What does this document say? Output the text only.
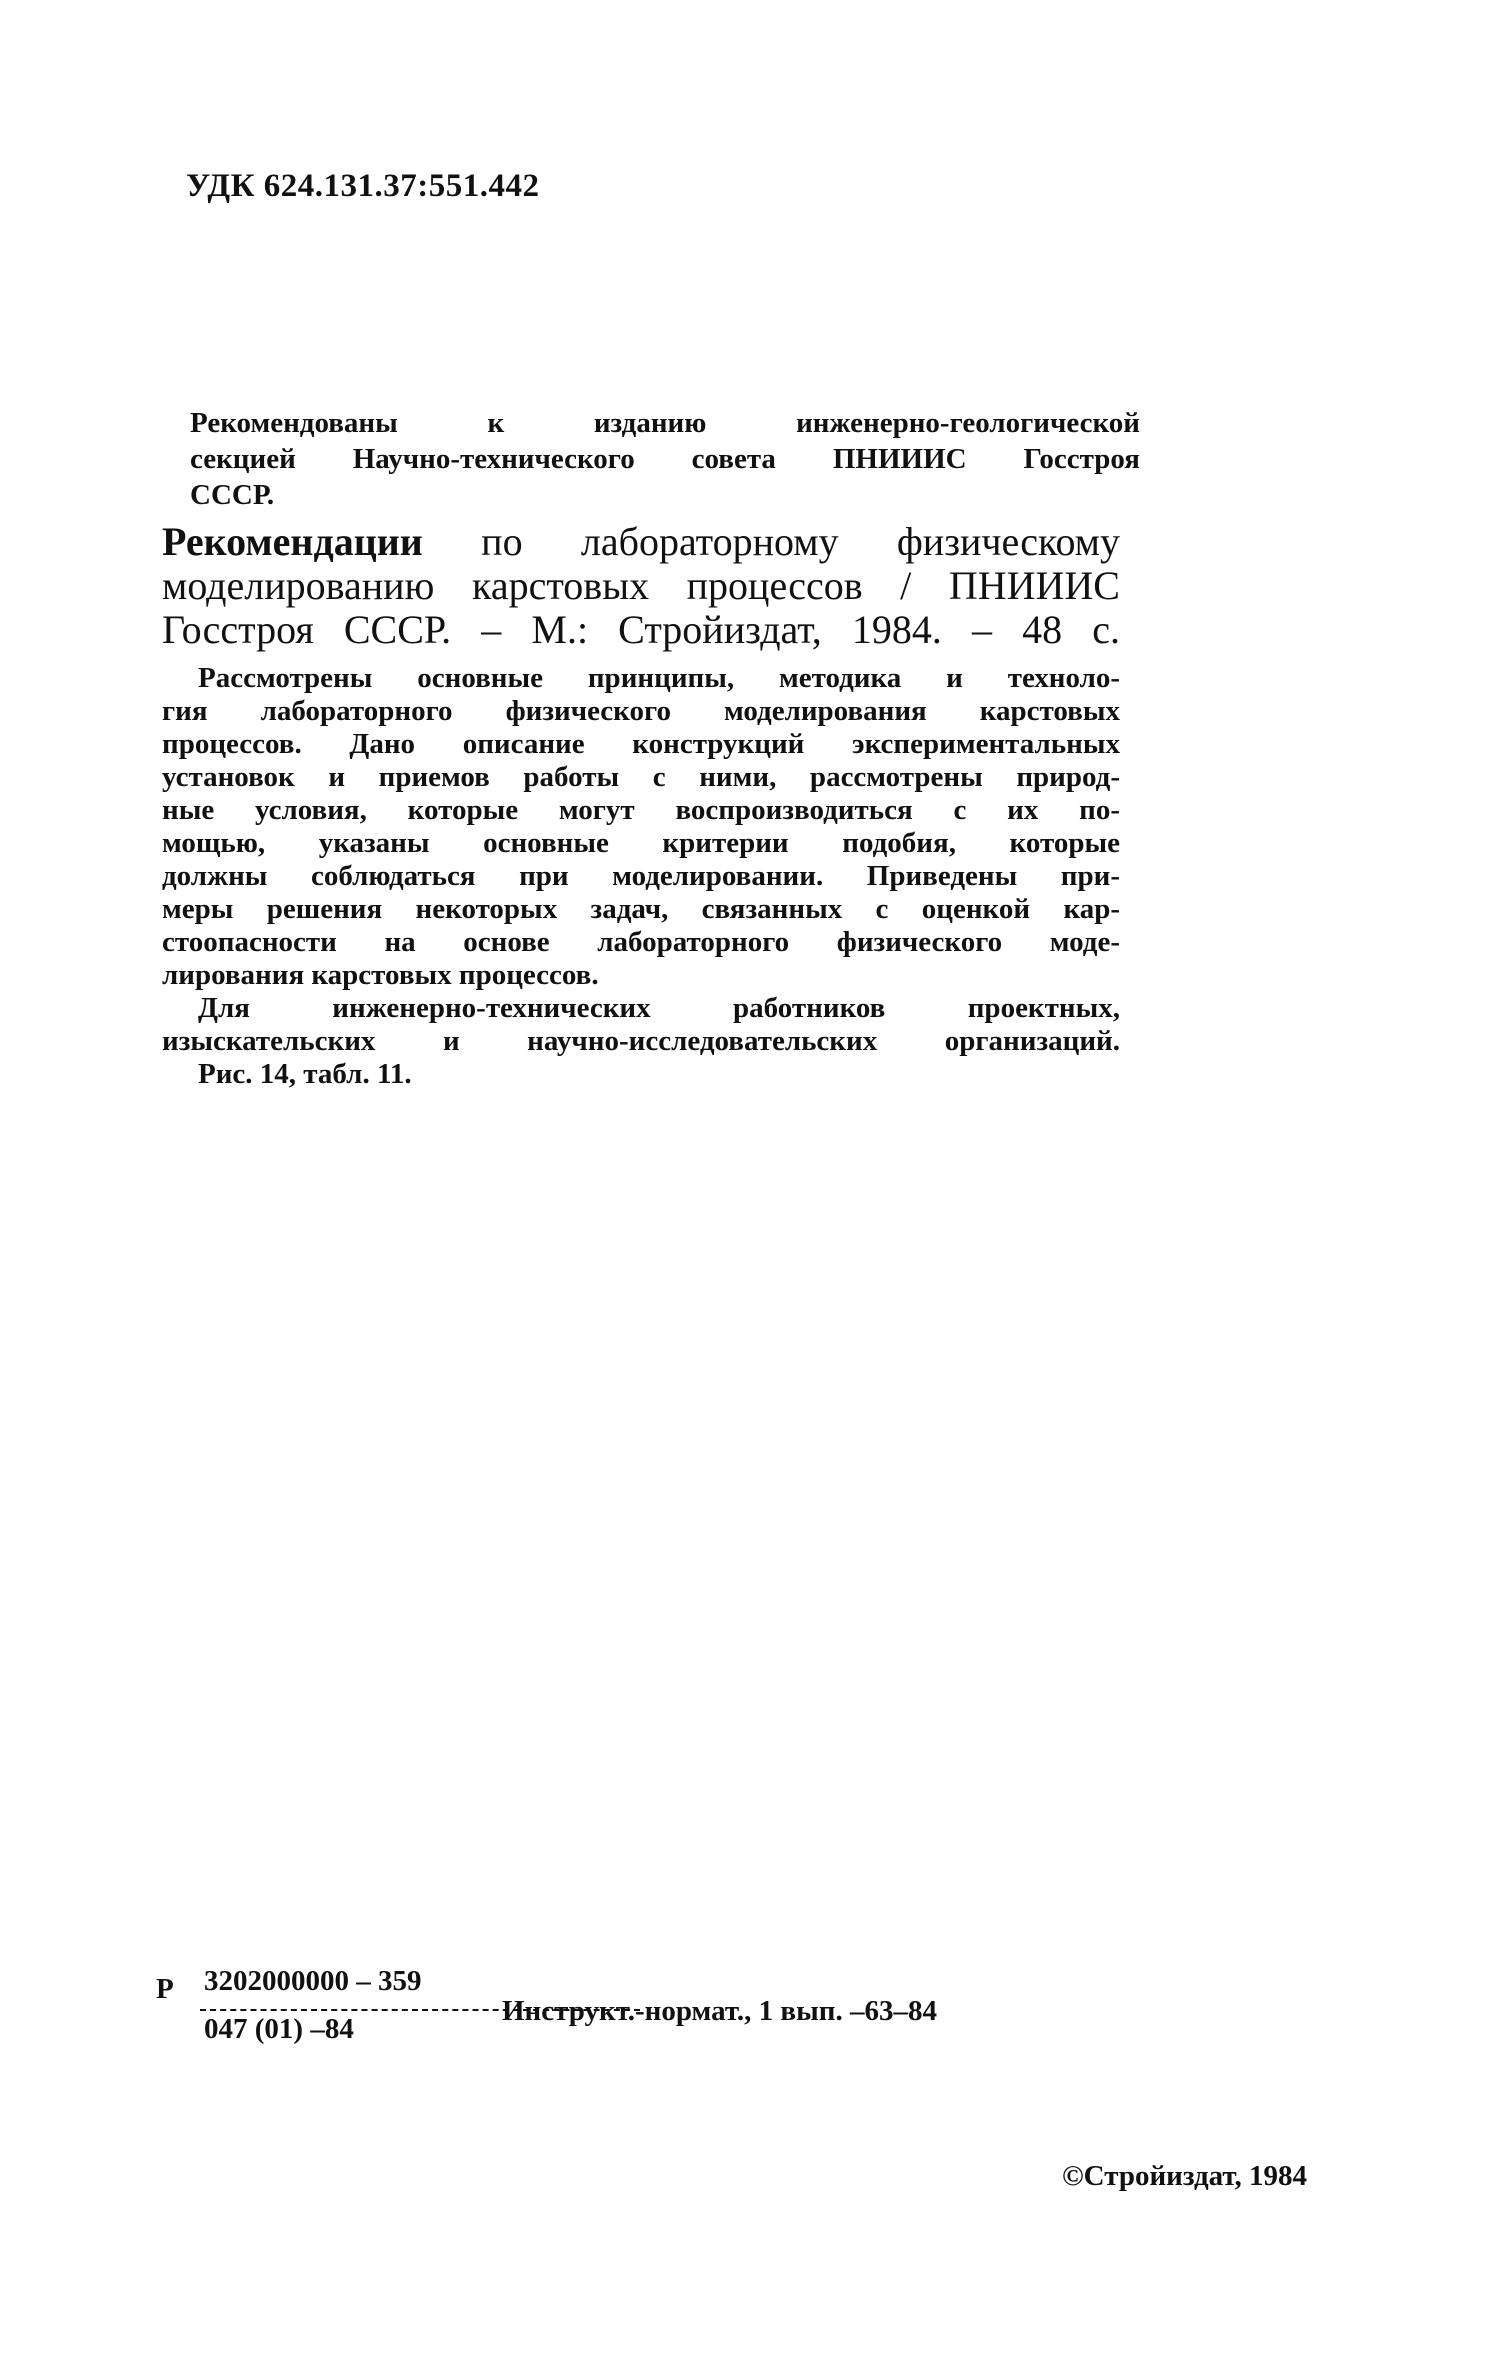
УДК 624.131.37:551.442
Рекомендованы к изданию инженерно-геологической
секцией Научно-технического совета ПНИИИС Госстроя
СССР.
Рекомендации по лабораторному физическому
моделированию карстовых процессов / ПНИИИС
Госстроя СССР. – М.: Стройиздат, 1984. – 48 с.

Рассмотрены основные принципы, методика и техноло-

гия лабораторного физического моделирования карстовых

процессов. Дано описание конструкций экспериментальных

установок и приемов работы с ними, рассмотрены природ-

ные условия, которые могут воспроизводиться с их по-

мощью, указаны основные критерии подобия, которые

должны соблюдаться при моделировании. Приведены при-

меры решения некоторых задач, связанных с оценкой кар-

стоопасности на основе лабораторного физического моде-

лирования карстовых процессов.

Для инженерно-технических работников проектных,

изыскательских и научно-исследовательских организаций.

Рис. 14, табл. 11.

Р 3202000000 – 359
047 (01) –84
Инструкт.-нормат., 1 вып. –63–84
©Стройиздат, 1984
